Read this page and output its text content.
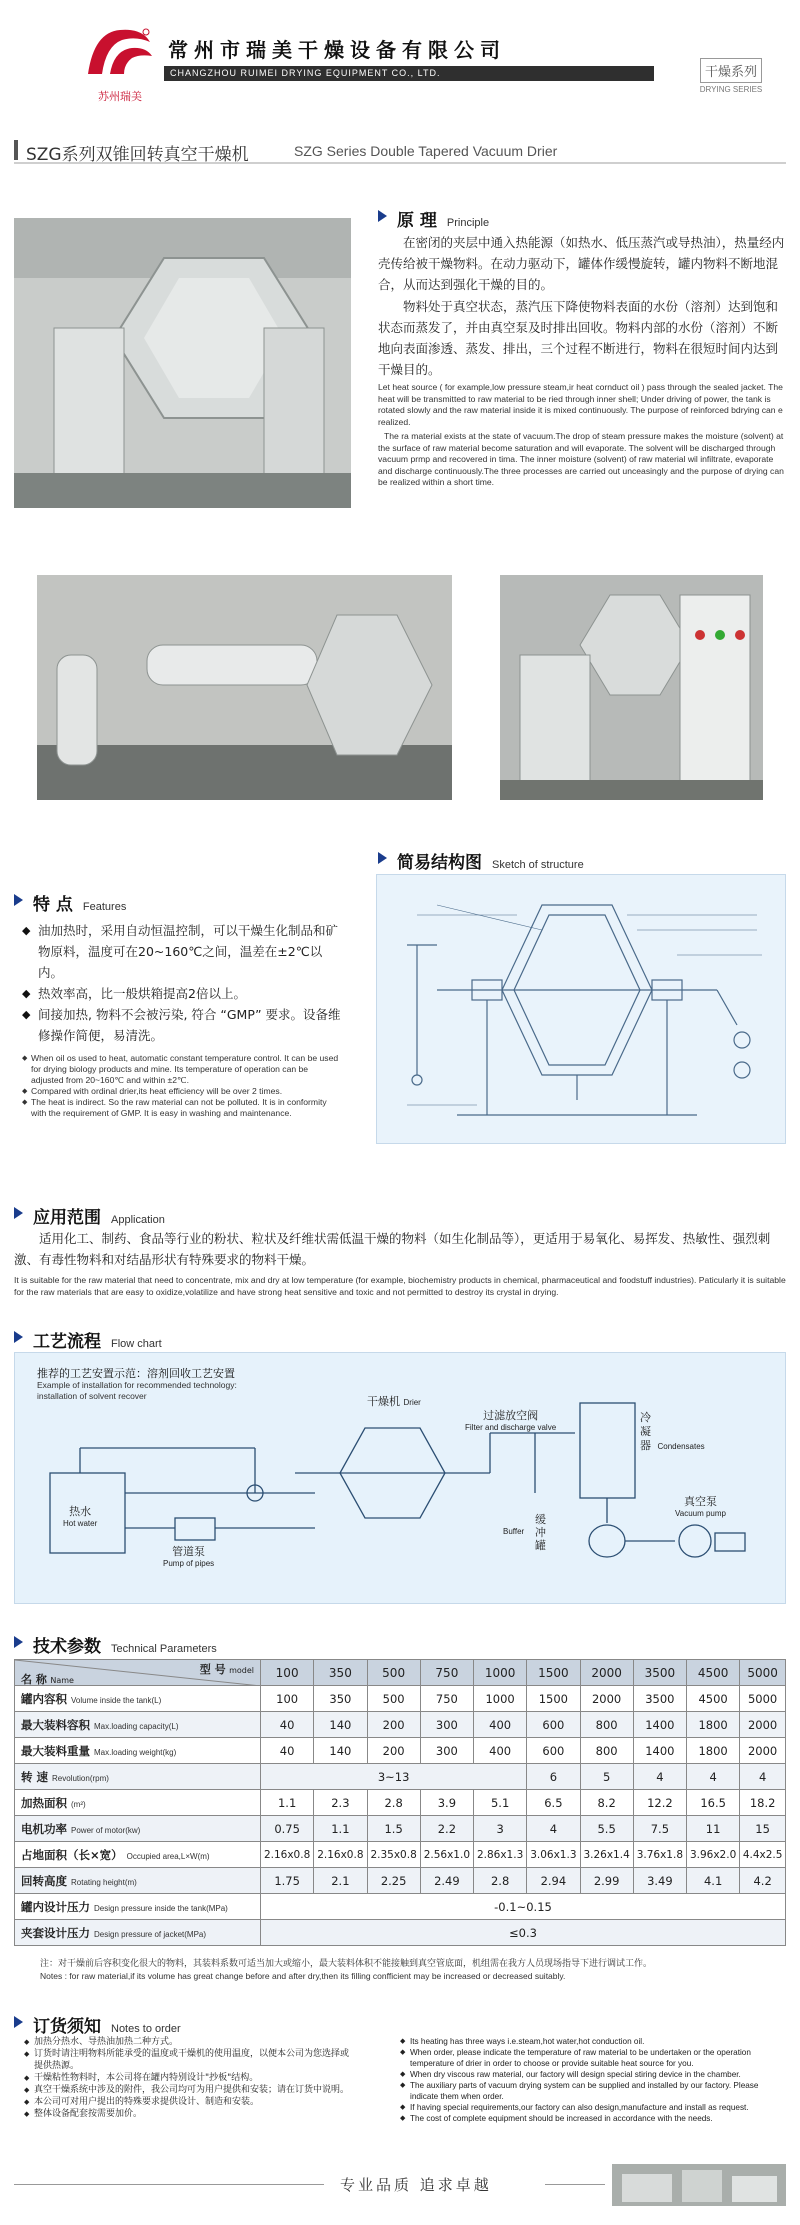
苏州瑞美
常州市瑞美干燥设备有限公司
CHANGZHOU RUIMEI DRYING EQUIPMENT CO., LTD.	干燥系列
DRYING SERIES
SZG系列双锥回转真空干燥机	SZG Series Double Tapered Vacuum Drier
原 理 Principle
在密闭的夹层中通入热能源（如热水、低压蒸汽或导热油），热量经内壳传给被干燥物料。在动力驱动下，罐体作缓慢旋转，罐内物料不断地混合，从而达到强化干燥的目的。
物料处于真空状态，蒸汽压下降使物料表面的水份（溶剂）达到饱和状态而蒸发了，并由真空泵及时排出回收。物料内部的水份（溶剂）不断地向表面渗透、蒸发、排出，三个过程不断进行，物料在很短时间内达到干燥目的。
Let heat source ( for example,low pressure steam,ir heat cornduct oil ) pass through the sealed jacket. The heat will be transmitted to raw material to be ried through inner shell; Under driving of power, the tank is rotated slowly and the raw material inside it is mixed continuously. The purpose of reinforced bdrying can e realized.
The ra material exists at the state of vacuum.The drop of steam pressure makes the moisture (solvent) at the surface of raw material become saturation and will evaporate. The solvent will be discharged through vacuum prmp and recovered in tima. The inner moisture (solvent) of raw material wil infiltrate, evaporate and discharge continuously.The three processes are carried out unceasingly and the purpose of drying can be realized within a short time.
特 点 Features
◆ 油加热时，采用自动恒温控制，可以干燥生化制品和矿物原料，温度可在20~160℃之间，温差在±2℃以内。
◆ 热效率高，比一般烘箱提高2倍以上。
◆ 间接加热, 物料不会被污染, 符合 “GMP” 要求。设备维修操作简便，易清洗。
◆ When oil os used to heat, automatic constant temperature control. It can be used for drying biology products and mine. Its temperature of operation can be adjusted from 20~160℃ and within ±2℃.
◆ Compared with ordinal drier,its heat efficiency will be over 2 times.
◆ The heat is indirect. So the raw material can not be polluted. It is in conformity with the requirement of GMP. It is easy in washing and maintenance.
简易结构图 Sketch of structure
应用范围 Application
适用化工、制药、食品等行业的粉状、粒状及纤维状需低温干燥的物料（如生化制品等），更适用于易氧化、易挥发、热敏性、强烈刺激、有毒性物料和对结晶形状有特殊要求的物料干燥。
It is suitable for the raw material that need to concentrate, mix and dry at low temperature (for example, biochemistry products in chemical, pharmaceutical and foodstuff industries). Paticularly it is suitable for the raw materials that are easy to oxidize,volatilize and have strong heat sensitive and toxic and not permitted to destroy its crystal in drying.
工艺流程 Flow chart
推荐的工艺安置示范：溶剂回收工艺安置
Example of installation for recommended technology:
installation of solvent recover	干燥机 Drier
过滤放空阀
Filter and discharge valve
冷凝器 Condensates
真空泵
Vacuum pump
缓冲罐
Buffer
热水
Hot water
管道泵
Pump of pipes
技术参数 Technical Parameters
型 号 model
名 称 Name	100	350	500	750	1000	1500	2000	3500	4500	5000
罐内容积 Volume inside the tank(L)	100	350	500	750	1000	1500	2000	3500	4500	5000
最大装料容积 Max.loading capacity(L)	40	140	200	300	400	600	800	1400	1800	2000
最大装料重量 Max.loading weight(kg)	40	140	200	300	400	600	800	1400	1800	2000
转 速 Revolution(rpm)	3~13					6	5	4	4	4
加热面积 (m²)	1.1	2.3	2.8	3.9	5.1	6.5	8.2	12.2	16.5	18.2
电机功率 Power of motor(kw)	0.75	1.1	1.5	2.2	3	4	5.5	7.5	11	15
占地面积（长×宽） Occupied area,L×W(m)	2.16x0.8	2.16x0.8	2.35x0.8	2.56x1.0	2.86x1.3	3.06x1.3	3.26x1.4	3.76x1.8	3.96x2.0	4.4x2.5
回转高度 Rotating height(m)	1.75	2.1	2.25	2.49	2.8	2.94	2.99	3.49	4.1	4.2
罐内设计压力 Design pressure inside the tank(MPa)	-0.1~0.15									
夹套设计压力 Design pressure of jacket(MPa)	≤0.3									
注：对干燥前后容积变化很大的物料，其装料系数可适当加大或缩小，最大装料体积不能接触到真空管底面，机组需在我方人员现场指导下进行调试工作。
Notes : for raw material,if its volume has great change before and after dry,then its filling confficient may be increased or decreased suitably.
订货须知 Notes to order
◆ 加热分热水、导热油加热二种方式。
◆ 订货时请注明物料所能承受的温度或干燥机的使用温度，以便本公司为您选择或提供热源。
◆ 干燥粘性物料时，本公司将在罐内特别设计"抄板"结构。
◆ 真空干燥系统中涉及的附件，我公司均可为用户提供和安装；请在订货中说明。
◆ 本公司可对用户提出的特殊要求提供设计、制造和安装。
◆ 整体设备配套按需要加价。
◆ Its heating has three ways i.e.steam,hot water,hot conduction oil.
◆ When order, please indicate the temperature of raw material to be undertaken or the operation temperature of drier in order to choose or provide suitable heat source for you.
◆ When dry viscous raw material, our factory will design special stiring device in the chamber.
◆ The auxiliary parts of vacuum drying system can be supplied and installed by our factory. Please indicate them when order.
◆ If having special requirements,our factory can also design,manufacture and install as request.
◆ The cost of complete equipment should be increased in accordance with the needs.
专业品质 追求卓越
